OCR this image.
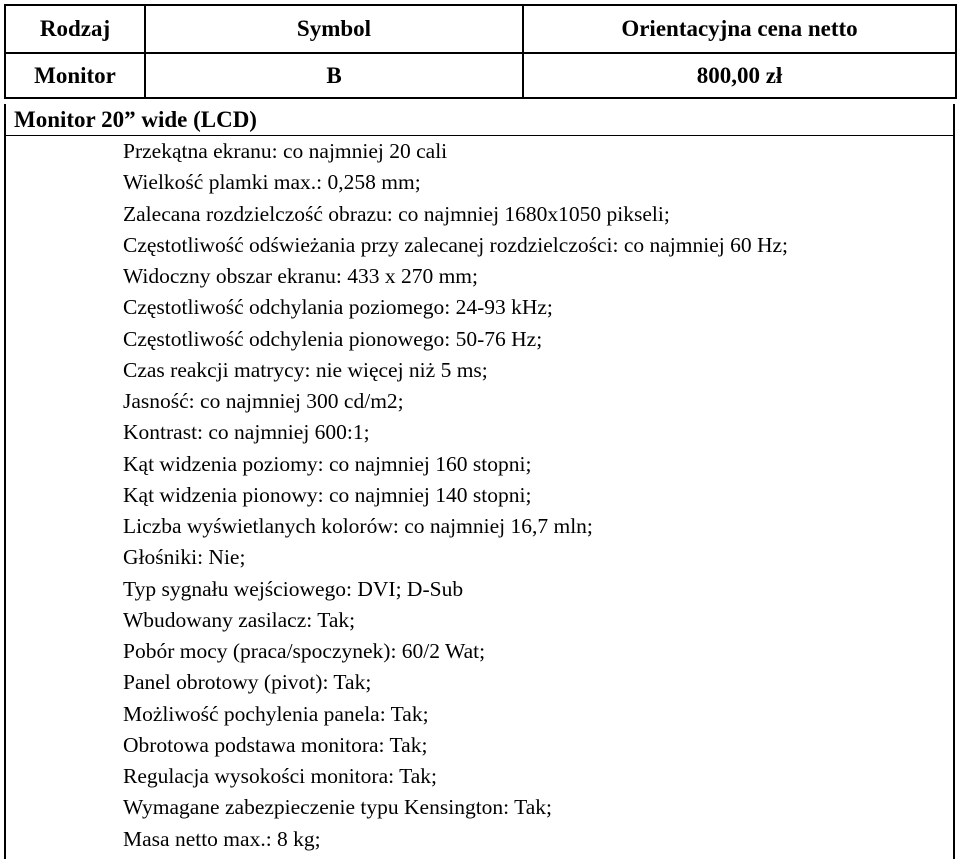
Rodzaj	Symbol	Orientacyjna cena netto
Monitor	B	800,00 zł
Monitor 20” wide (LCD)
Przekątna ekranu: co najmniej 20 cali
Wielkość plamki max.: 0,258 mm;
Zalecana rozdzielczość obrazu: co najmniej 1680x1050 pikseli;
Częstotliwość odświeżania przy zalecanej rozdzielczości: co najmniej 60 Hz;
Widoczny obszar ekranu: 433 x 270 mm;
Częstotliwość odchylania poziomego: 24-93 kHz;
Częstotliwość odchylenia pionowego: 50-76 Hz;
Czas reakcji matrycy: nie więcej niż 5 ms;
Jasność: co najmniej 300 cd/m2;
Kontrast: co najmniej 600:1;
Kąt widzenia poziomy: co najmniej 160 stopni;
Kąt widzenia pionowy: co najmniej 140 stopni;
Liczba wyświetlanych kolorów: co najmniej 16,7 mln;
Głośniki: Nie;
Typ sygnału wejściowego: DVI; D-Sub
Wbudowany zasilacz: Tak;
Pobór mocy (praca/spoczynek): 60/2 Wat;
Panel obrotowy (pivot): Tak;
Możliwość pochylenia panela: Tak;
Obrotowa podstawa monitora: Tak;
Regulacja wysokości monitora: Tak;
Wymagane zabezpieczenie typu Kensington: Tak;
Masa netto max.: 8 kg;
